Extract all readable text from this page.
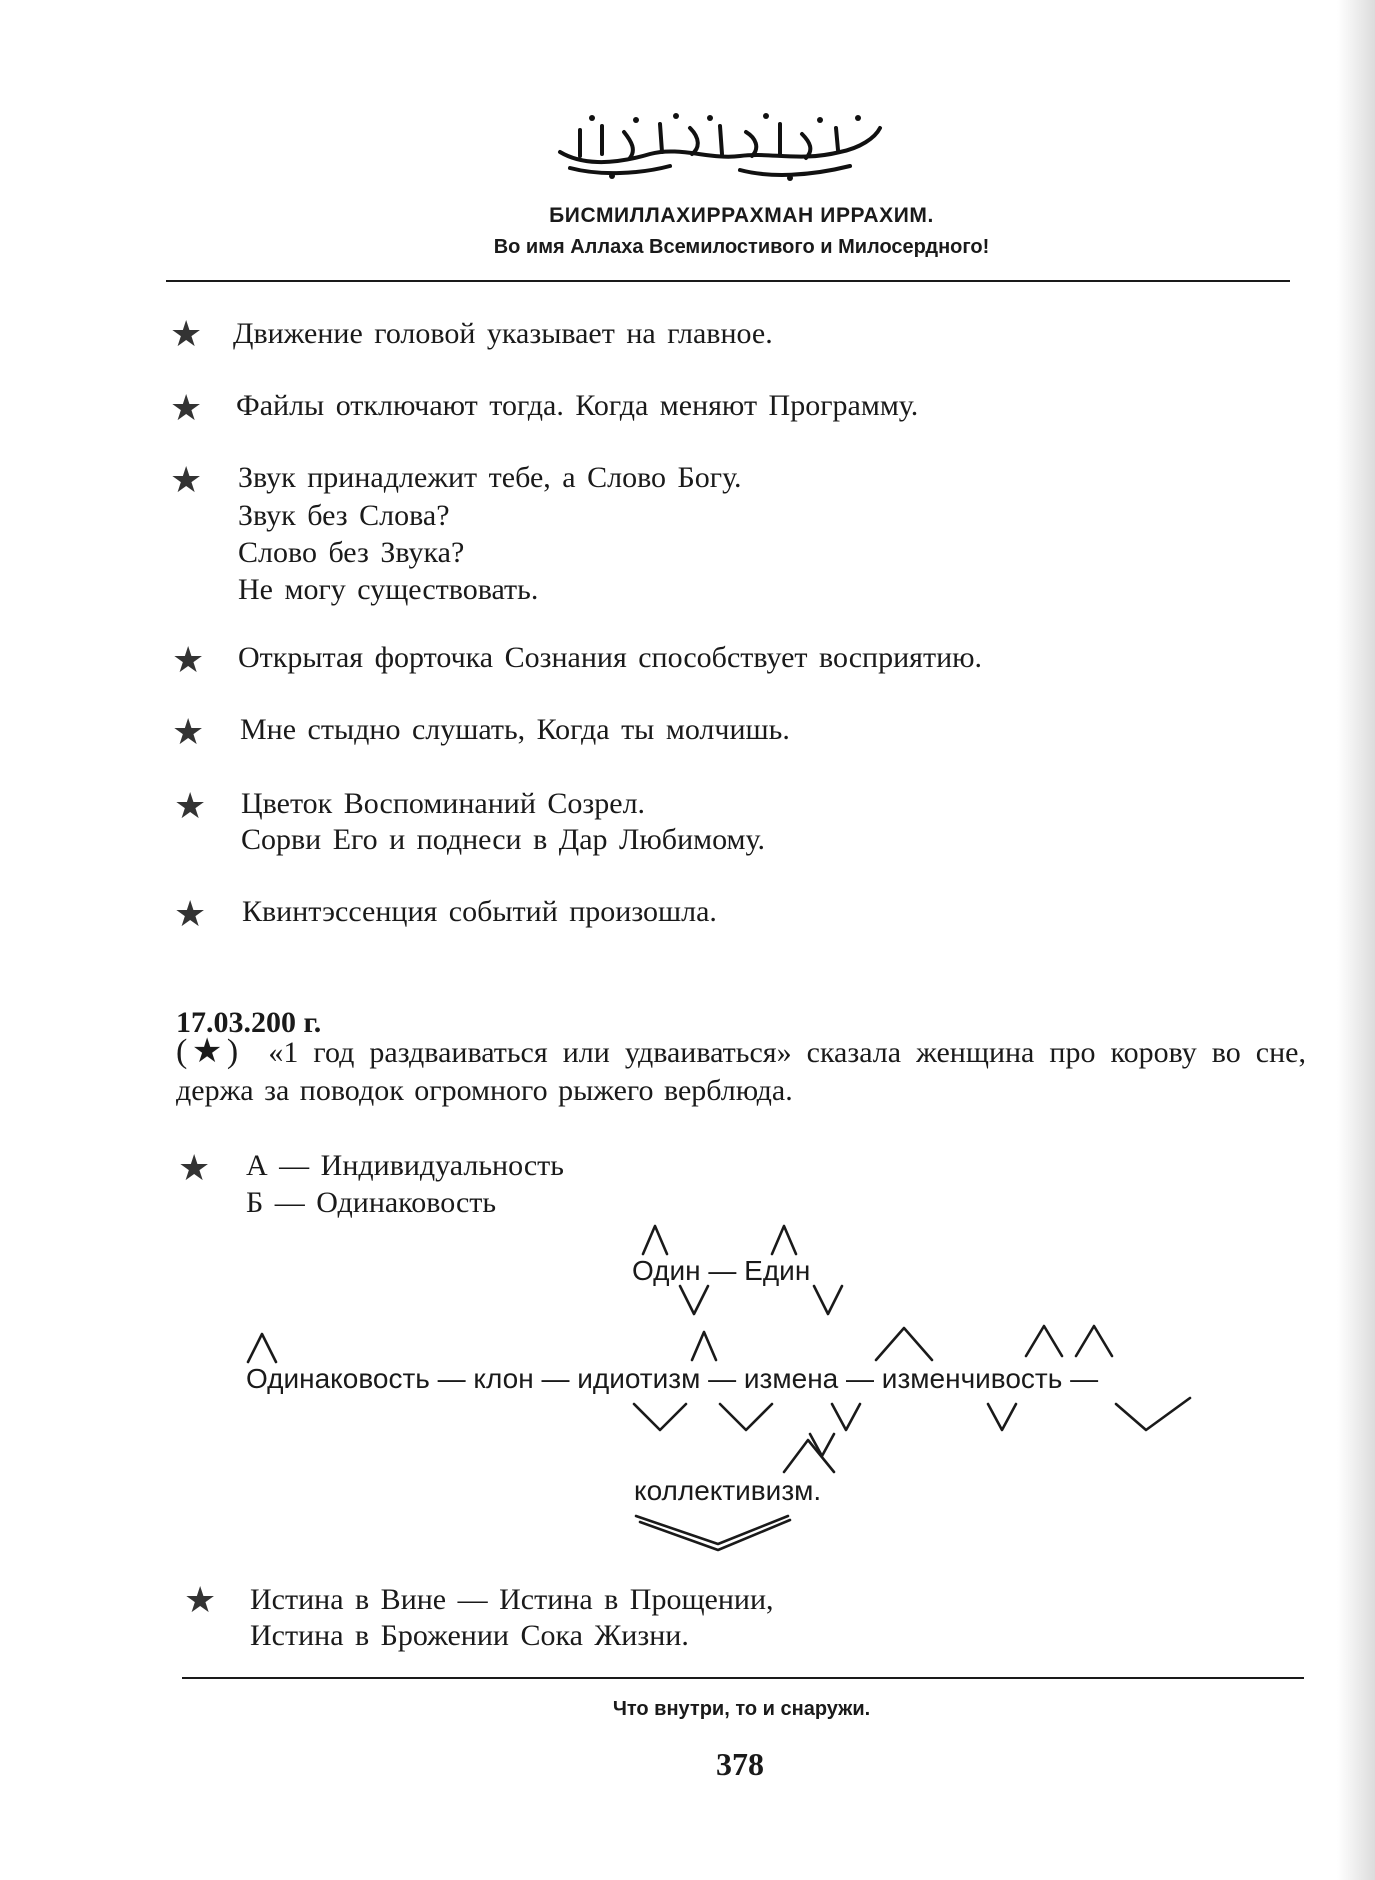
БИСМИЛЛАХИРРАХМАН ИРРАХИМ.
Во имя Аллаха Всемилостивого и Милосердного!
★ Движение головой указывает на главное.
★ Файлы отключают тогда. Когда меняют Программу.
★ Звук принадлежит тебе, а Слово Богу.
Звук без Слова?
Слово без Звука?
Не могу существовать.
★ Открытая форточка Сознания способствует восприятию.
★ Мне стыдно слушать, Когда ты молчишь.
★ Цветок Воспоминаний Созрел.
Сорви Его и поднеси в Дар Любимому.
★ Квинтэссенция событий произошла.
17.03.200 г.
(★) «1 год раздваиваться или удваиваться» сказала женщина про корову во сне, держа за поводок огромного рыжего верблюда.
★ А — Индивидуальность
Б — Одинаковость
Один — Един
Одинаковость — клон — идиотизм — измена — изменчивость —
коллективизм.
★ Истина в Вине — Истина в Прощении,
Истина в Брожении Сока Жизни.
Что внутри, то и снаружи.
378
